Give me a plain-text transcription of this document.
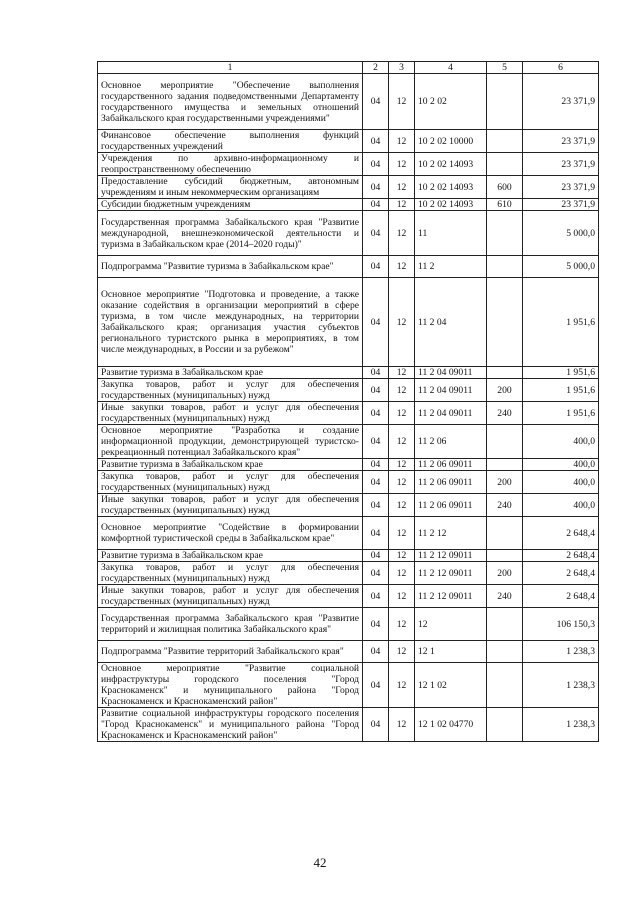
1	2	3	4	5	6
Основное мероприятие "Обеспечение выполнения государственного задания подведомственными Департаменту государственного имущества и земельных отношений Забайкальского края государственными учреждениями"	04	12	10 2 02		23 371,9
Финансовое обеспечение выполнения функций государственных учреждений	04	12	10 2 02 10000		23 371,9
Учреждения по архивно-информационному и геопространственному обеспечению	04	12	10 2 02 14093		23 371,9
Предоставление субсидий бюджетным, автономным учреждениям и иным некоммерческим организациям	04	12	10 2 02 14093	600	23 371,9
Субсидии бюджетным учреждениям	04	12	10 2 02 14093	610	23 371,9
Государственная программа Забайкальского края "Развитие международной, внешнеэкономической деятельности и туризма в Забайкальском крае (2014–2020 годы)"	04	12	11		5 000,0
Подпрограмма "Развитие туризма в Забайкальском крае"	04	12	11 2		5 000,0
Основное мероприятие "Подготовка и проведение, а также оказание содействия в организации мероприятий в сфере туризма, в том числе международных, на территории Забайкальского края; организация участия субъектов регионального туристского рынка в мероприятиях, в том числе международных, в России и за рубежом"	04	12	11 2 04		1 951,6
Развитие туризма в Забайкальском крае	04	12	11 2 04 09011		1 951,6
Закупка товаров, работ и услуг для обеспечения государственных (муниципальных) нужд	04	12	11 2 04 09011	200	1 951,6
Иные закупки товаров, работ и услуг для обеспечения государственных (муниципальных) нужд	04	12	11 2 04 09011	240	1 951,6
Основное мероприятие "Разработка и создание информационной продукции, демонстрирующей туристско-рекреационный потенциал Забайкальского края"	04	12	11 2 06		400,0
Развитие туризма в Забайкальском крае	04	12	11 2 06 09011		400,0
Закупка товаров, работ и услуг для обеспечения государственных (муниципальных) нужд	04	12	11 2 06 09011	200	400,0
Иные закупки товаров, работ и услуг для обеспечения государственных (муниципальных) нужд	04	12	11 2 06 09011	240	400,0
Основное мероприятие "Содействие в формировании комфортной туристической среды в Забайкальском крае"	04	12	11 2 12		2 648,4
Развитие туризма в Забайкальском крае	04	12	11 2 12 09011		2 648,4
Закупка товаров, работ и услуг для обеспечения государственных (муниципальных) нужд	04	12	11 2 12 09011	200	2 648,4
Иные закупки товаров, работ и услуг для обеспечения государственных (муниципальных) нужд	04	12	11 2 12 09011	240	2 648,4
Государственная программа Забайкальского края "Развитие территорий и жилищная политика Забайкальского края"	04	12	12		106 150,3
Подпрограмма "Развитие территорий Забайкальского края"	04	12	12 1		1 238,3
Основное мероприятие "Развитие социальной инфраструктуры городского поселения "Город Краснокаменск" и муниципального района "Город Краснокаменск и Краснокаменский район"	04	12	12 1 02		1 238,3
Развитие социальной инфраструктуры городского поселения "Город Краснокаменск" и муниципального района "Город Краснокаменск и Краснокаменский район"	04	12	12 1 02 04770		1 238,3
42
